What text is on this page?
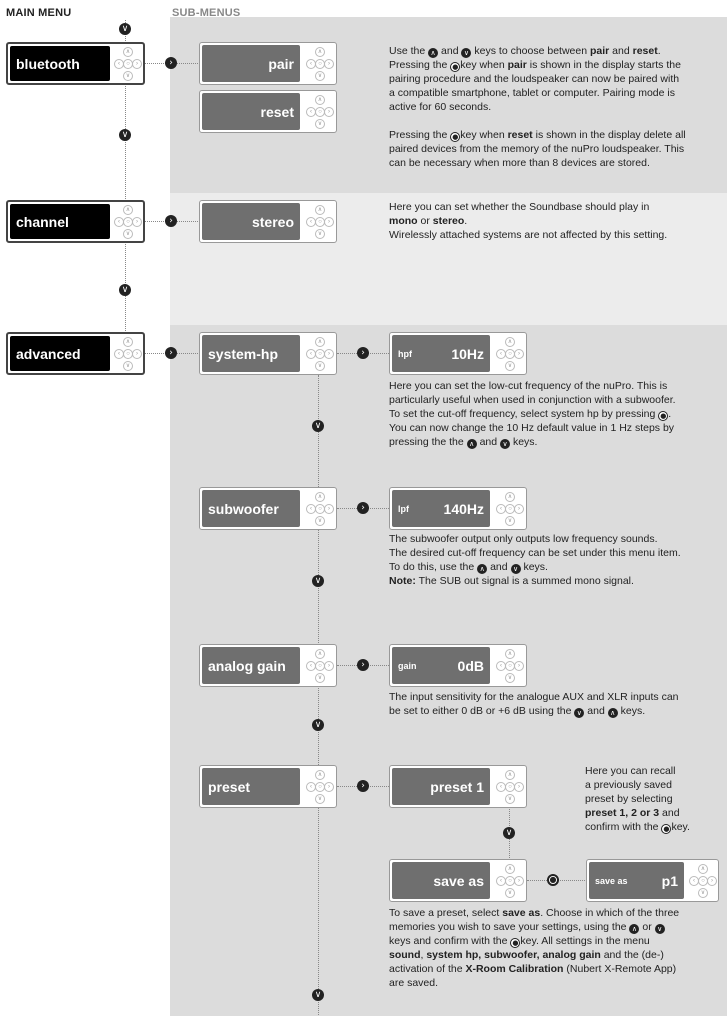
MAIN MENU	SUB-MENUS
∨
∨
∨
∨
∨
∨
∨
∨
›
›
›	›
›
›
›
●
bluetooth
∧
‹	○	›
∨
channel
∧
‹	○	›
∨
advanced
∧
‹	○	›
∨
pair
∧
‹	○	›
∨
reset
∧
‹	○	›
∨
stereo
∧
‹	○	›
∨
system-hp
∧
‹	○	›
∨
subwoofer
∧
‹	○	›
∨
analog gain
∧
‹	○	›
∨
preset
∧
‹	○	›
∨
hpf	10Hz
∧
‹	○	›
∨
lpf	140Hz
∧
‹	○	›
∨
gain	0dB
∧
‹	○	›
∨
preset 1
∧
‹	○	›
∨
save as
∧
‹	○	›
∨
save as	p1
∧
‹	○	›
∨
Use the ∧ and ∨ keys to choose between pair and reset.
Pressing the ● key when pair is shown in the display starts the
pairing procedure and the loudspeaker can now be paired with
a compatible smartphone, tablet or computer. Pairing mode is
active for 60 seconds.

Pressing the ● key when reset is shown in the display delete all
paired devices from the memory of the nuPro loudspeaker. This
can be necessary when more than 8 devices are stored.
Here you can set whether the Soundbase should play in
mono or stereo.
Wirelessly attached systems are not affected by this setting.
Here you can set the low-cut frequency of the nuPro. This is
particularly useful when used in conjunction with a subwoofer.
To set the cut-off frequency, select system hp by pressing ● .
You can now change the 10 Hz default value in 1 Hz steps by
pressing the the ∧ and ∨ keys.
The subwoofer output only outputs low frequency sounds.
The desired cut-off frequency can be set under this menu item.
To do this, use the ∧ and ∨ keys.
Note: The SUB out signal is a summed mono signal.
The input sensitivity for the analogue AUX and XLR inputs can
be set to either 0 dB or +6 dB using the ∨ and ∧ keys.
Here you can recall
a previously saved
preset by selecting
preset 1, 2 or 3 and
confirm with the ● key.
To save a preset, select save as. Choose in which of the three
memories you wish to save your settings, using the ∧ or ∨
keys and confirm with the ● key. All settings in the menu
sound, system hp, subwoofer, analog gain and the (de-)
activation of the X-Room Calibration (Nubert X-Remote App)
are saved.
